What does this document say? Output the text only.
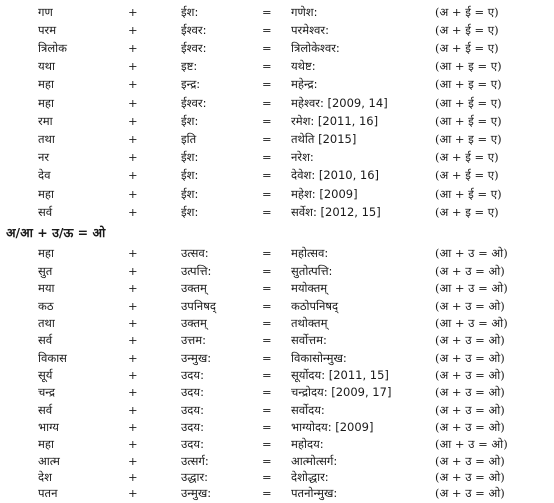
गण	+	ईश:	= गणेश:	(अ + ई = ए)
परम	+	ईश्वर:	= परमेश्वर:	(अ + ई = ए)
त्रिलोक	+	ईश्वर:	= त्रिलोकेश्वर:	(अ + ई = ए)
यथा	+	इष्ट:	= यथेष्ट:	(आ + इ = ए)
महा	+	इन्द्र:	= महेन्द्र:	(आ + इ = ए)
महा	+	ईश्वर:	= महेश्वर: [2009, 14]	(आ + ई = ए)
रमा	+	ईश:	= रमेश: [2011, 16]	(आ + ई = ए)
तथा	+	इति	= तथेति [2015]	(आ + इ = ए)
नर	+	ईश:	= नरेश:	(अ + ई = ए)
देव	+	ईश:	= देवेश: [2010, 16]	(अ + ई = ए)
महा	+	ईश:	= महेश: [2009]	(आ + ई = ए)
सर्व	+	ईश:	= सर्वेश: [2012, 15]	(अ + इ = ए)
अ/आ + उ/ऊ = ओ
महा	+	उत्सव:	= महोत्सव:	(आ + उ = ओ)
सुत	+	उत्पत्ति:	= सुतोत्पत्ति:	(अ + उ = ओ)
मया	+	उक्तम्	= मयोक्तम्	(आ + उ = ओ)
कठ	+	उपनिषद्	= कठोपनिषद्	(अ + उ = ओ)
तथा	+	उक्तम्	= तथोक्तम्	(आ + उ = ओ)
सर्व	+	उत्तम:	= सर्वोत्तम:	(अ + उ = ओ)
विकास	+	उन्मुख:	= विकासोन्मुख:	(अ + उ = ओ)
सूर्य	+	उदय:	= सूर्योदय: [2011, 15]	(अ + उ = ओ)
चन्द्र	+	उदय:	= चन्द्रोदय: [2009, 17]	(अ + उ = ओ)
सर्व	+	उदय:	= सर्वोदय:	(अ + उ = ओ)
भाग्य	+	उदय:	= भाग्योदय: [2009]	(अ + उ = ओ)
महा	+	उदय:	= महोदय:	(आ + उ = ओ)
आत्म	+	उत्सर्ग:	= आत्मोत्सर्ग:	(अ + उ = ओ)
देश	+	उद्धार:	= देशोद्धार:	(अ + उ = ओ)
पतन	+	उन्मुख:	= पतनोन्मुख:	(अ + उ = ओ)
